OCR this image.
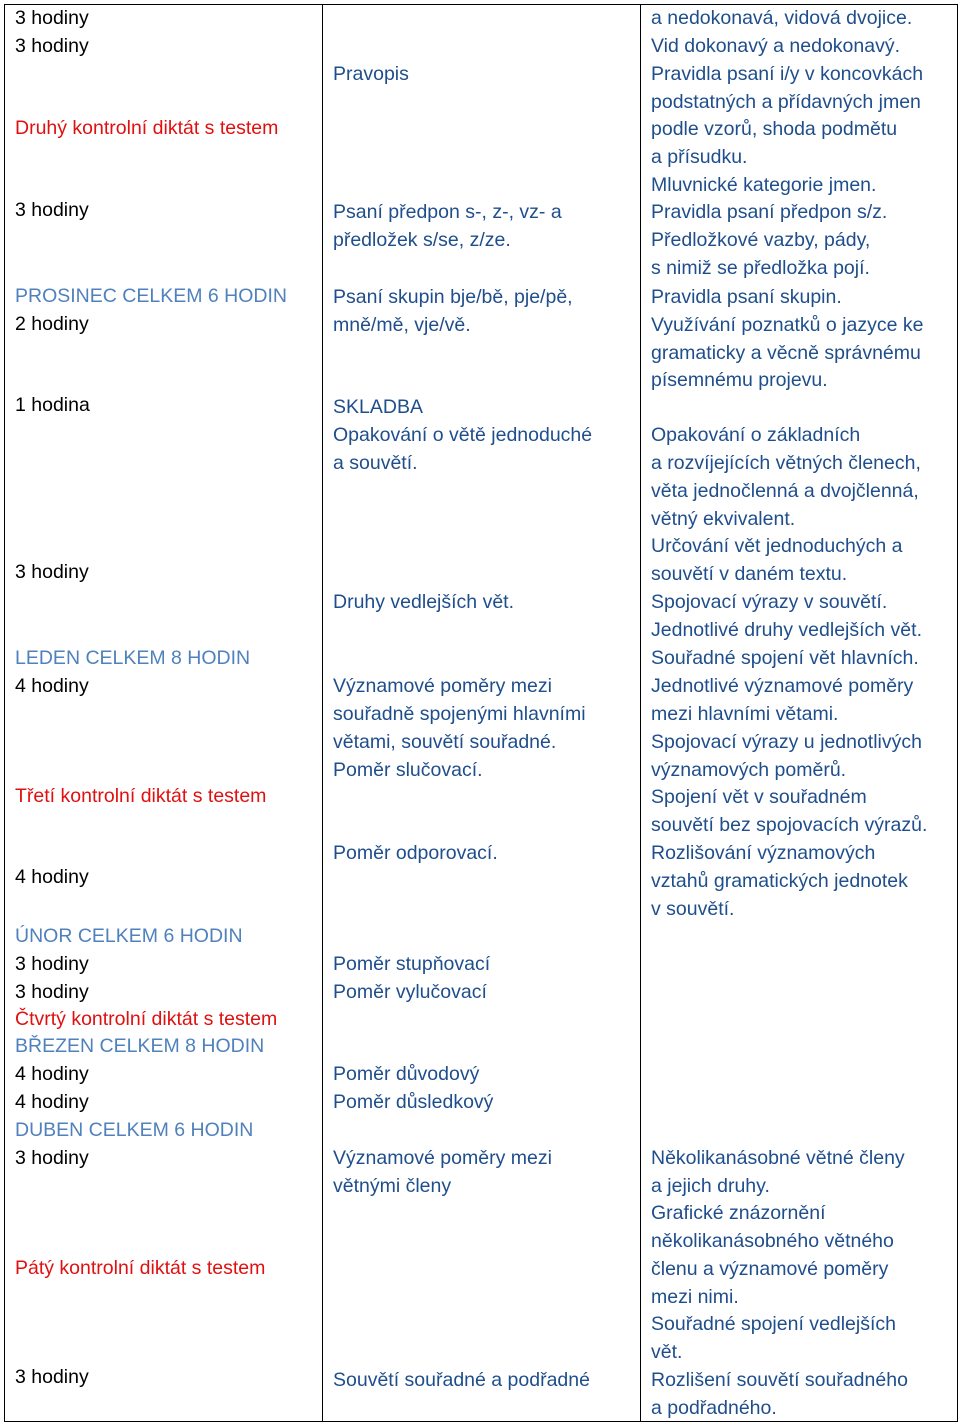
3 hodiny
3 hodiny
Druhý kontrolní diktát s testem
3 hodiny
PROSINEC CELKEM 6 HODIN
2 hodiny
1 hodina
3 hodiny
LEDEN CELKEM 8 HODIN
4 hodiny
Třetí kontrolní diktát s testem
4 hodiny
ÚNOR CELKEM 6 HODIN
3 hodiny
3 hodiny
Čtvrtý kontrolní diktát s testem
BŘEZEN CELKEM 8 HODIN
4 hodiny
4 hodiny
DUBEN CELKEM 6 HODIN
3 hodiny
Pátý kontrolní diktát s testem
3 hodiny
Pravopis
Psaní předpon s-, z-, vz- a
předložek s/se, z/ze.
Psaní skupin bje/bě, pje/pě,
mně/mě, vje/vě.
SKLADBA
Opakování o větě jednoduché
a souvětí.
Druhy vedlejších vět.
Významové poměry mezi
souřadně spojenými hlavními
větami, souvětí souřadné.
Poměr slučovací.
Poměr odporovací.
Poměr stupňovací
Poměr vylučovací
Poměr důvodový
Poměr důsledkový
Významové poměry mezi
větnými členy
Souvětí souřadné a podřadné
a nedokonavá, vidová dvojice.
Vid dokonavý a nedokonavý.
Pravidla psaní i/y v koncovkách
podstatných a přídavných jmen
podle vzorů, shoda podmětu
a přísudku.
Mluvnické kategorie jmen.
Pravidla psaní předpon s/z.
Předložkové vazby, pády,
s nimiž se předložka pojí.
Pravidla psaní skupin.
Využívání poznatků o jazyce ke
gramaticky a věcně správnému
písemnému projevu.
Opakování o základních
a rozvíjejících větných členech,
věta jednočlenná a dvojčlenná,
větný ekvivalent.
Určování vět jednoduchých a
souvětí v daném textu.
Spojovací výrazy v souvětí.
Jednotlivé druhy vedlejších vět.
Souřadné spojení vět hlavních.
Jednotlivé významové poměry
mezi hlavními větami.
Spojovací výrazy u jednotlivých
významových poměrů.
Spojení vět v souřadném
souvětí bez spojovacích výrazů.
Rozlišování významových
vztahů gramatických jednotek
v souvětí.
Několikanásobné větné členy
a jejich druhy.
Grafické znázornění
několikanásobného větného
členu a významové poměry
mezi nimi.
Souřadné spojení vedlejších
vět.
Rozlišení souvětí souřadného
a podřadného.
